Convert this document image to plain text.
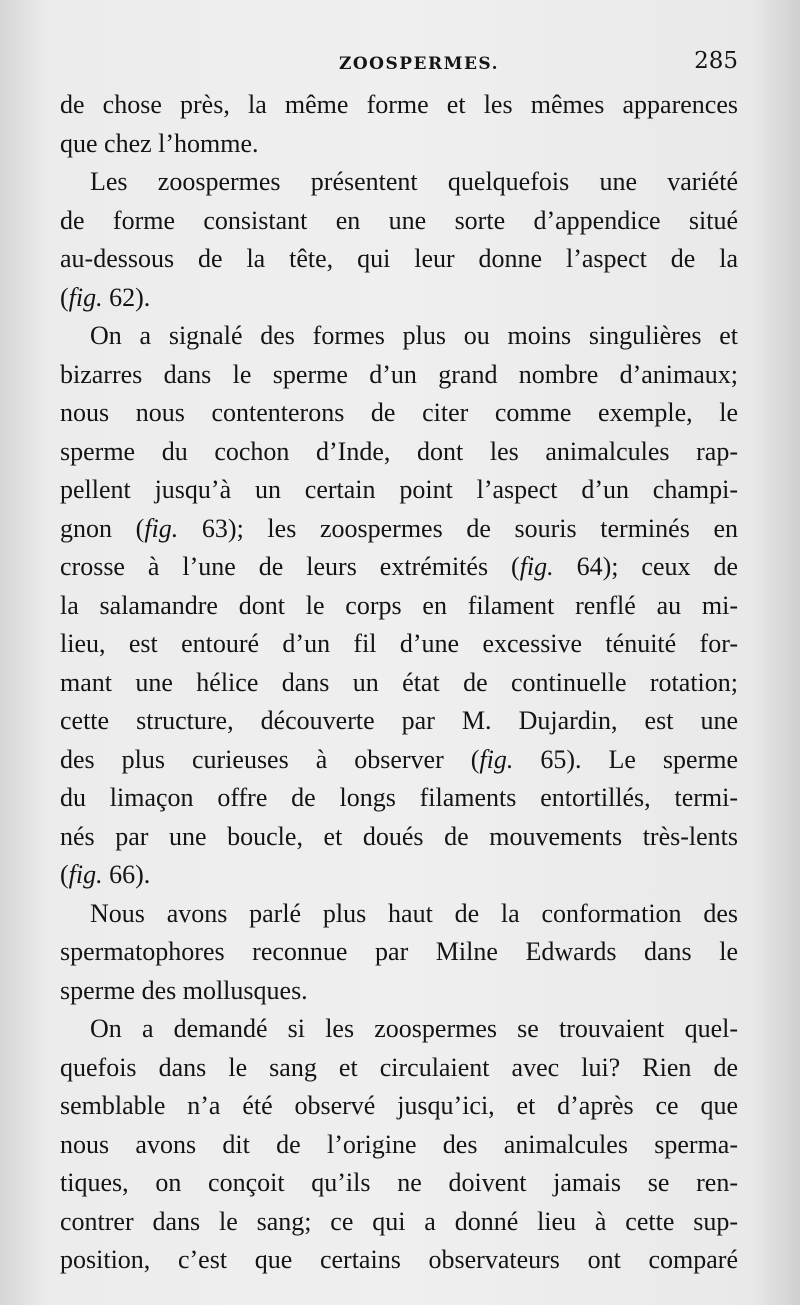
ZOOSPERMES.	285
de chose près, la même forme et les mêmes apparences
que chez l’homme.
Les zoospermes présentent quelquefois une variété
de forme consistant en une sorte d’appendice situé
au-dessous de la tête, qui leur donne l’aspect de la
(fig. 62).
On a signalé des formes plus ou moins singulières et
bizarres dans le sperme d’un grand nombre d’animaux;
nous nous contenterons de citer comme exemple, le
sperme du cochon d’Inde, dont les animalcules rap-
pellent jusqu’à un certain point l’aspect d’un champi-
gnon (fig. 63); les zoospermes de souris terminés en
crosse à l’une de leurs extrémités (fig. 64); ceux de
la salamandre dont le corps en filament renflé au mi-
lieu, est entouré d’un fil d’une excessive ténuité for-
mant une hélice dans un état de continuelle rotation;
cette structure, découverte par M. Dujardin, est une
des plus curieuses à observer (fig. 65). Le sperme
du limaçon offre de longs filaments entortillés, termi-
nés par une boucle, et doués de mouvements très-lents
(fig. 66).
Nous avons parlé plus haut de la conformation des
spermatophores reconnue par Milne Edwards dans le
sperme des mollusques.
On a demandé si les zoospermes se trouvaient quel-
quefois dans le sang et circulaient avec lui? Rien de
semblable n’a été observé jusqu’ici, et d’après ce que
nous avons dit de l’origine des animalcules sperma-
tiques, on conçoit qu’ils ne doivent jamais se ren-
contrer dans le sang; ce qui a donné lieu à cette sup-
position, c’est que certains observateurs ont comparé
